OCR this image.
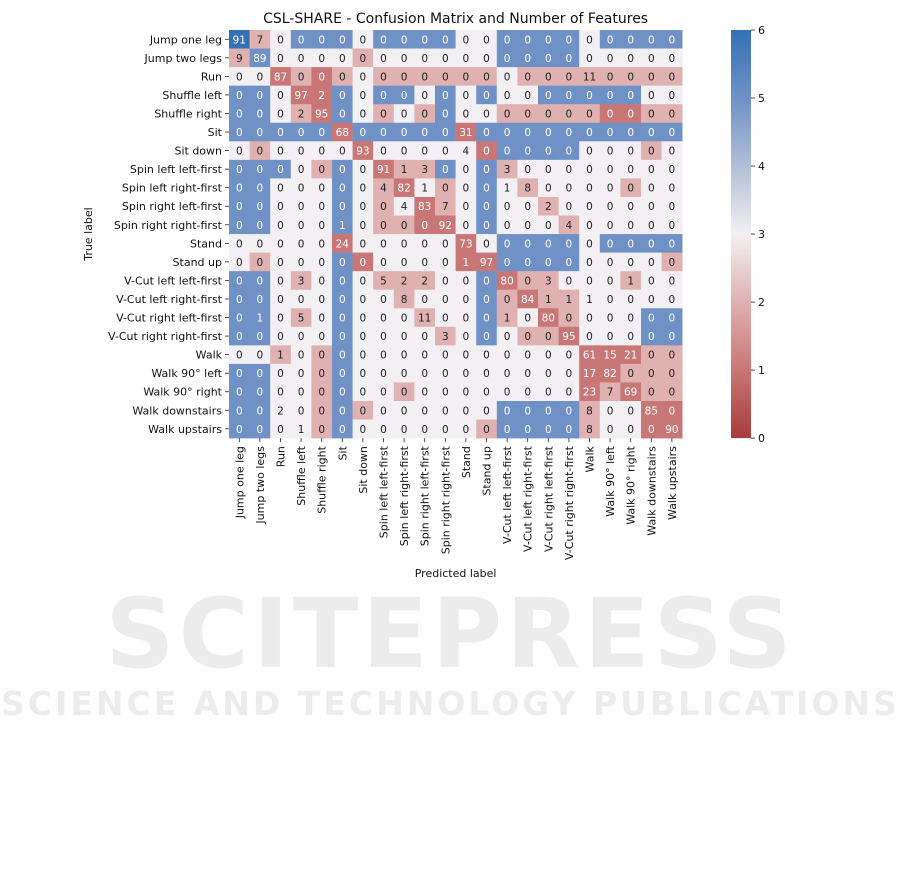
SCITEPRESS
SCIENCE AND TECHNOLOGY PUBLICATIONS
CSL-SHARE - Confusion Matrix and Number of Features
91 7 0 0 0 0 0 0 0 0 0 0 0 0 0 0 0 0 0 0 0 0
9 89 0 0 0 0 0 0 0 0 0 0 0 0 0 0 0 0 0 0 0 0
0 0 87 0 0 0 0 0 0 0 0 0 0 0 0 0 0 11 0 0 0 0
0 0 0 97 2 0 0 0 0 0 0 0 0 0 0 0 0 0 0 0 0 0
0 0 0 2 95 0 0 0 0 0 0 0 0 0 0 0 0 0 0 0 0 0
0 0 0 0 0 68 0 0 0 0 0 31 0 0 0 0 0 0 0 0 0 0
0 0 0 0 0 0 93 0 0 0 0 4 0 0 0 0 0 0 0 0 0 0
0 0 0 0 0 0 0 91 1 3 0 0 0 3 0 0 0 0 0 0 0 0
0 0 0 0 0 0 0 4 82 1 0 0 0 1 8 0 0 0 0 0 0 0
0 0 0 0 0 0 0 0 4 83 7 0 0 0 0 2 0 0 0 0 0 0
0 0 0 0 0 1 0 0 0 0 92 0 0 0 0 0 4 0 0 0 0 0
0 0 0 0 0 24 0 0 0 0 0 73 0 0 0 0 0 0 0 0 0 0
0 0 0 0 0 0 0 0 0 0 0 1 97 0 0 0 0 0 0 0 0 0
0 0 0 3 0 0 0 5 2 2 0 0 0 80 0 3 0 0 0 1 0 0
0 0 0 0 0 0 0 0 8 0 0 0 0 0 84 1 1 1 0 0 0 0
0 1 0 5 0 0 0 0 0 11 0 0 0 1 0 80 0 0 0 0 0 0
0 0 0 0 0 0 0 0 0 0 3 0 0 0 0 0 95 0 0 0 0 0
0 0 1 0 0 0 0 0 0 0 0 0 0 0 0 0 0 61 15 21 0 0
0 0 0 0 0 0 0 0 0 0 0 0 0 0 0 0 0 17 82 0 0 0
0 0 0 0 0 0 0 0 0 0 0 0 0 0 0 0 0 23 7 69 0 0
0 0 2 0 0 0 0 0 0 0 0 0 0 0 0 0 0 8 0 0 85 0
0 0 0 1 0 0 0 0 0 0 0 0 0 0 0 0 0 8 0 0 0 90
Jump one leg
Jump two legs
Run
Shuffle left
Shuffle right
Sit
Sit down
Spin left left-first
Spin left right-first
Spin right left-first
Spin right right-first
Stand
Stand up
V-Cut left left-first
V-Cut left right-first
V-Cut right left-first
V-Cut right right-first
Walk
Walk 90° left
Walk 90° right
Walk downstairs
Walk upstairs
Jump one leg Jump two legs Run Shuffle left Shuffle right Sit Sit down Spin left left-first Spin left right-first Spin right left-first Spin right right-first Stand Stand up V-Cut left left-first V-Cut left right-first V-Cut right left-first V-Cut right right-first Walk Walk 90° left Walk 90° right Walk downstairs Walk upstairs
Predicted label
True label
0
1
2
3
4
5
6
